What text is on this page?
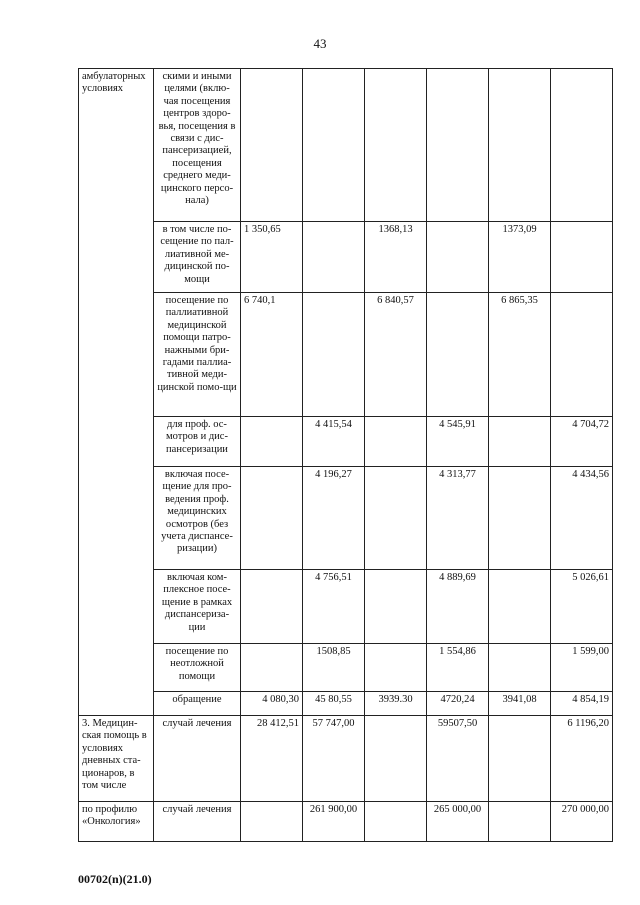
43
амбулаторных условиях	скими и иными целями (вклю-чая посещения центров здоро-вья, посещения в связи с дис-пансеризацией, посещения среднего меди-цинского персо-нала)						
	в том числе по-сещение по пал-лиативной ме-дицинской по-мощи	1 350,65		1368,13		1373,09	
	посещение по паллиативной медицинской помощи патро-нажными бри-гадами паллиа-тивной меди-цинской помо-щи	6 740,1		6 840,57		6 865,35	
	для проф. ос-мотров и дис-пансеризации		4 415,54		4 545,91		4 704,72
	включая посе-щение для про-ведения проф. медицинских осмотров (без учета диспансе-ризации)		4 196,27		4 313,77		4 434,56
	включая ком-плексное посе-щение в рамках диспансериза-ции		4 756,51		4 889,69		5 026,61
	посещение по неотложной помощи		1508,85		1 554,86		1 599,00
	обращение	4 080,30	45 80,55	3939.30	4720,24	3941,08	4 854,19
3. Медицин-ская помощь в условиях дневных ста-ционаров, в том числе	случай лечения	28 412,51	57 747,00		59507,50		6 1196,20
по профилю «Онкология»	случай лечения		261 900,00		265 000,00		270 000,00
00702(n)(21.0)
